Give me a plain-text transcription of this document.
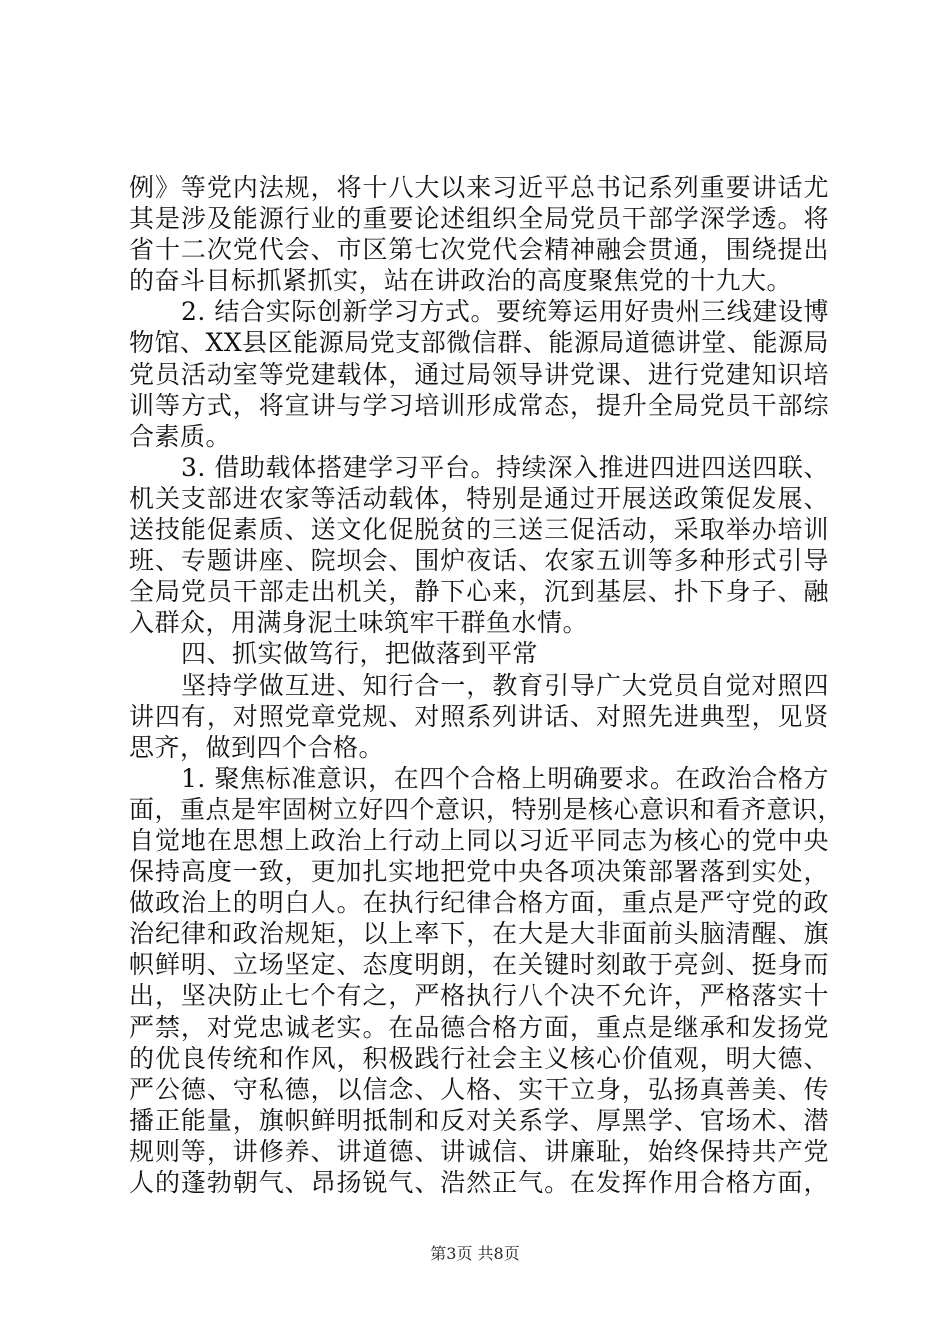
例》等党内法规，将十八大以来习近平总书记系列重要讲话尤
其是涉及能源行业的重要论述组织全局党员干部学深学透。将
省十二次党代会、市区第七次党代会精神融会贯通，围绕提出
的奋斗目标抓紧抓实，站在讲政治的高度聚焦党的十九大。
2. 结合实际创新学习方式。要统筹运用好贵州三线建设博
物馆、XX县区能源局党支部微信群、能源局道德讲堂、能源局
党员活动室等党建载体，通过局领导讲党课、进行党建知识培
训等方式，将宣讲与学习培训形成常态，提升全局党员干部综
合素质。
3. 借助载体搭建学习平台。持续深入推进四进四送四联、
机关支部进农家等活动载体，特别是通过开展送政策促发展、
送技能促素质、送文化促脱贫的三送三促活动，采取举办培训
班、专题讲座、院坝会、围炉夜话、农家五训等多种形式引导
全局党员干部走出机关，静下心来，沉到基层、扑下身子、融
入群众，用满身泥土味筑牢干群鱼水情。
四、抓实做笃行，把做落到平常
坚持学做互进、知行合一，教育引导广大党员自觉对照四
讲四有，对照党章党规、对照系列讲话、对照先进典型，见贤
思齐，做到四个合格。
1. 聚焦标准意识，在四个合格上明确要求。在政治合格方
面，重点是牢固树立好四个意识，特别是核心意识和看齐意识，
自觉地在思想上政治上行动上同以习近平同志为核心的党中央
保持高度一致，更加扎实地把党中央各项决策部署落到实处，
做政治上的明白人。在执行纪律合格方面，重点是严守党的政
治纪律和政治规矩，以上率下，在大是大非面前头脑清醒、旗
帜鲜明、立场坚定、态度明朗，在关键时刻敢于亮剑、挺身而
出，坚决防止七个有之，严格执行八个决不允许，严格落实十
严禁，对党忠诚老实。在品德合格方面，重点是继承和发扬党
的优良传统和作风，积极践行社会主义核心价值观，明大德、
严公德、守私德，以信念、人格、实干立身，弘扬真善美、传
播正能量，旗帜鲜明抵制和反对关系学、厚黑学、官场术、潜
规则等，讲修养、讲道德、讲诚信、讲廉耻，始终保持共产党
人的蓬勃朝气、昂扬锐气、浩然正气。在发挥作用合格方面，
第3页 共8页
